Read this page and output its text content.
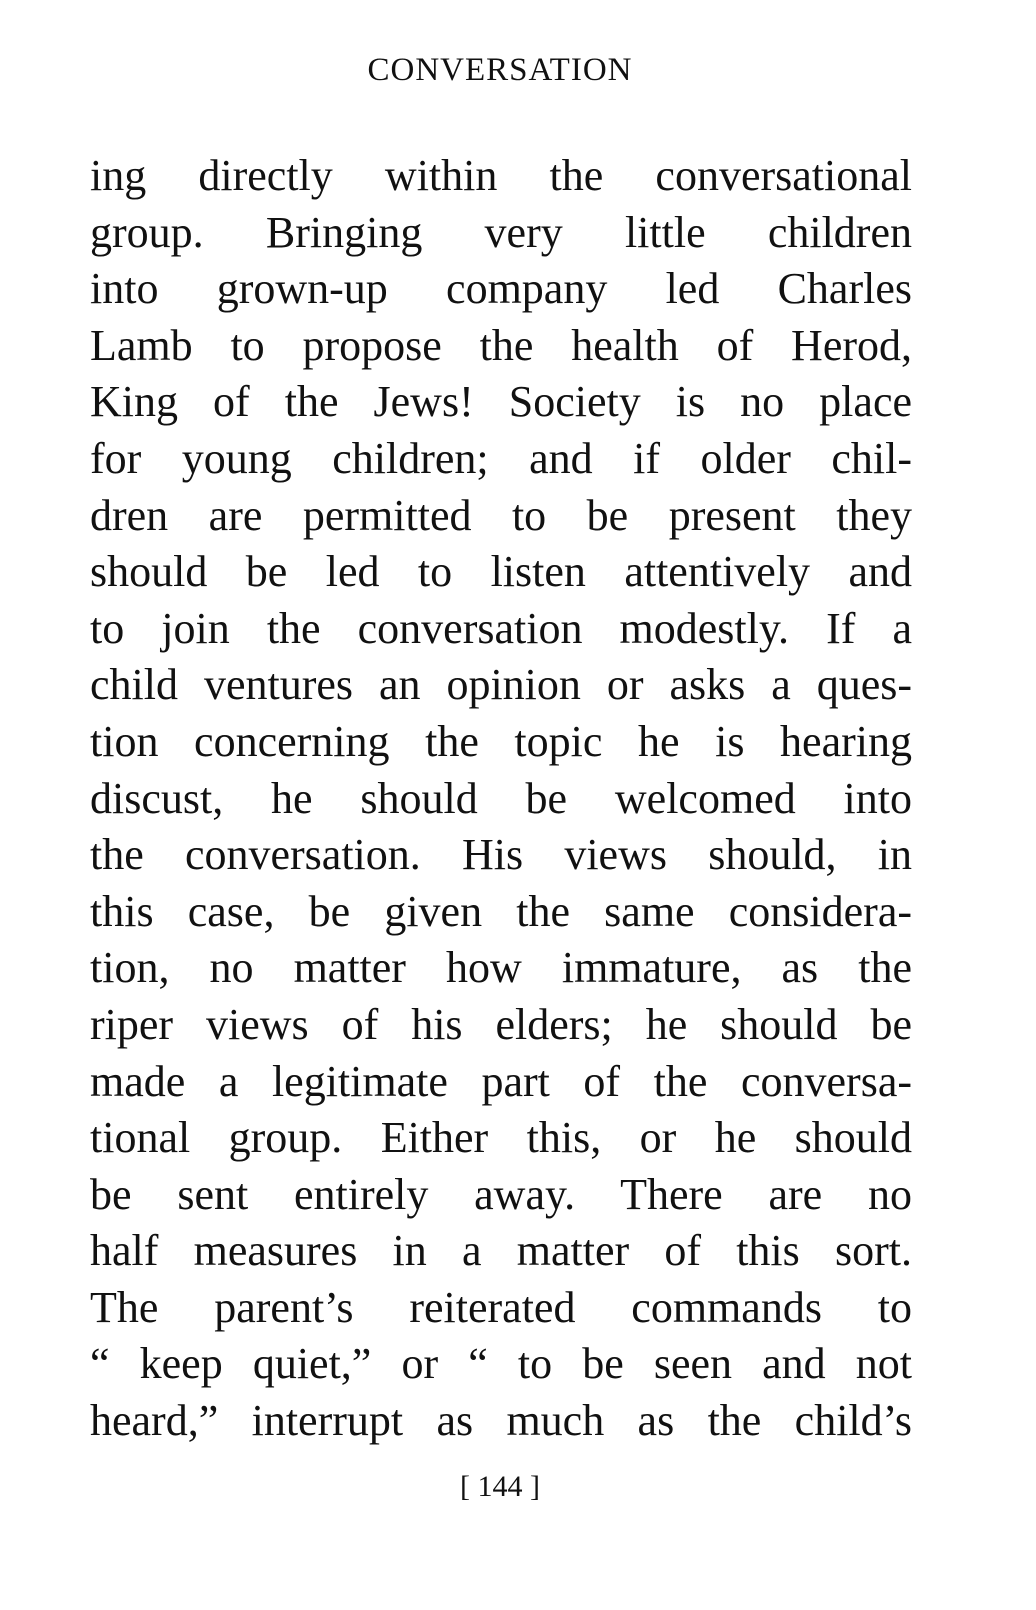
CONVERSATION
ing directly within the conversational
group. Bringing very little children
into grown-up company led Charles
Lamb to propose the health of Herod,
King of the Jews! Society is no place
for young children; and if older chil-
dren are permitted to be present they
should be led to listen attentively and
to join the conversation modestly. If a
child ventures an opinion or asks a ques-
tion concerning the topic he is hearing
discust, he should be welcomed into
the conversation. His views should, in
this case, be given the same considera-
tion, no matter how immature, as the
riper views of his elders; he should be
made a legitimate part of the conversa-
tional group. Either this, or he should
be sent entirely away. There are no
half measures in a matter of this sort.
The parent’s reiterated commands to
“ keep quiet,” or “ to be seen and not
heard,” interrupt as much as the child’s
[ 144 ]
